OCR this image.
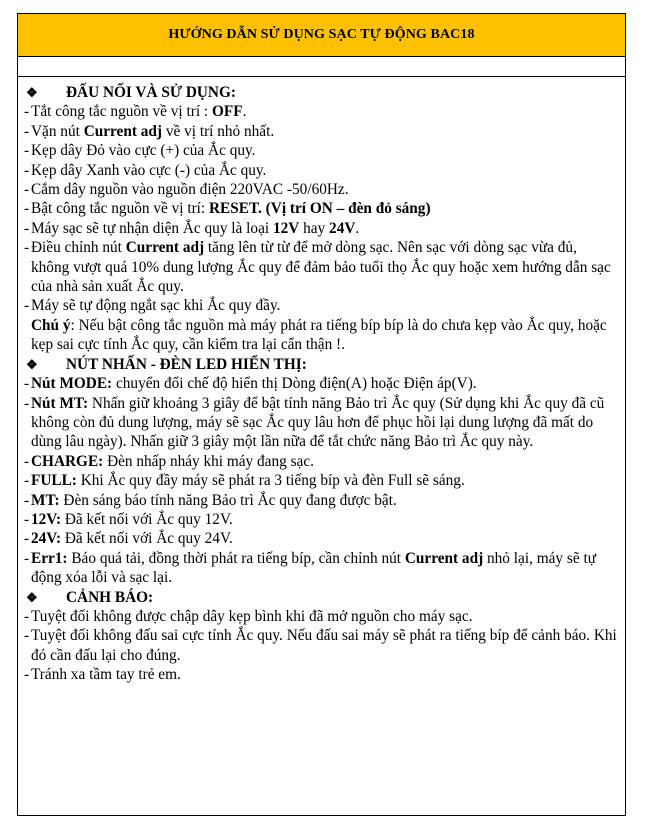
HƯỚNG DẪN SỬ DỤNG SẠC TỰ ĐỘNG BAC18
❖	ĐẤU NỐI VÀ SỬ DỤNG:
- Tắt công tắc nguồn về vị trí : OFF.
- Vặn nút Current adj về vị trí nhỏ nhất.
- Kẹp dây Đỏ vào cực (+) của Ắc quy.
- Kẹp dây Xanh vào cực (-) của Ắc quy.
- Cắm dây nguồn vào nguồn điện 220VAC -50/60Hz.
- Bật công tắc nguồn về vị trí: RESET. (Vị trí ON – đèn đỏ sáng)
- Máy sạc sẽ tự nhận diện Ắc quy là loại 12V hay 24V.
- Điều chỉnh nút Current adj tăng lên từ từ để mở dòng sạc. Nên sạc với dòng sạc vừa đủ, không vượt quá 10% dung lượng Ắc quy để đảm bảo tuổi thọ Ắc quy hoặc xem hướng dẫn sạc của nhà sản xuất Ắc quy.
- Máy sẽ tự động ngắt sạc khi Ắc quy đầy.
Chú ý: Nếu bật công tắc nguồn mà máy phát ra tiếng bíp bíp là do chưa kẹp vào Ắc quy, hoặc kẹp sai cực tính Ắc quy, cần kiểm tra lại cẩn thận !.
❖	NÚT NHẤN - ĐÈN LED HIỂN THỊ:
- Nút MODE: chuyển đổi chế độ hiển thị Dòng điện(A) hoặc Điện áp(V).
- Nút MT: Nhấn giữ khoảng 3 giây để bật tính năng Bảo trì Ắc quy (Sử dụng khi Ắc quy đã cũ không còn đủ dung lượng, máy sẽ sạc Ắc quy lâu hơn để phục hồi lại dung lượng đã mất do dùng lâu ngày). Nhấn giữ 3 giây một lần nữa để tắt chức năng Bảo trì Ắc quy này.
- CHARGE: Đèn nhấp nháy khi máy đang sạc.
- FULL: Khi Ắc quy đầy máy sẽ phát ra 3 tiếng bíp và đèn Full sẽ sáng.
- MT: Đèn sáng báo tính năng Bảo trì Ắc quy đang được bật.
- 12V: Đã kết nối với Ắc quy 12V.
- 24V: Đã kết nối với Ắc quy 24V.
- Err1: Báo quá tải, đồng thời phát ra tiếng bíp, cần chỉnh nút Current adj nhỏ lại, máy sẽ tự động xóa lỗi và sạc lại.
❖	CẢNH BÁO:
- Tuyệt đối không được chập dây kẹp bình khi đã mở nguồn cho máy sạc.
- Tuyệt đối không đấu sai cực tính Ắc quy. Nếu đấu sai máy sẽ phát ra tiếng bíp để cảnh báo. Khi đó cần đấu lại cho đúng.
- Tránh xa tầm tay trẻ em.
